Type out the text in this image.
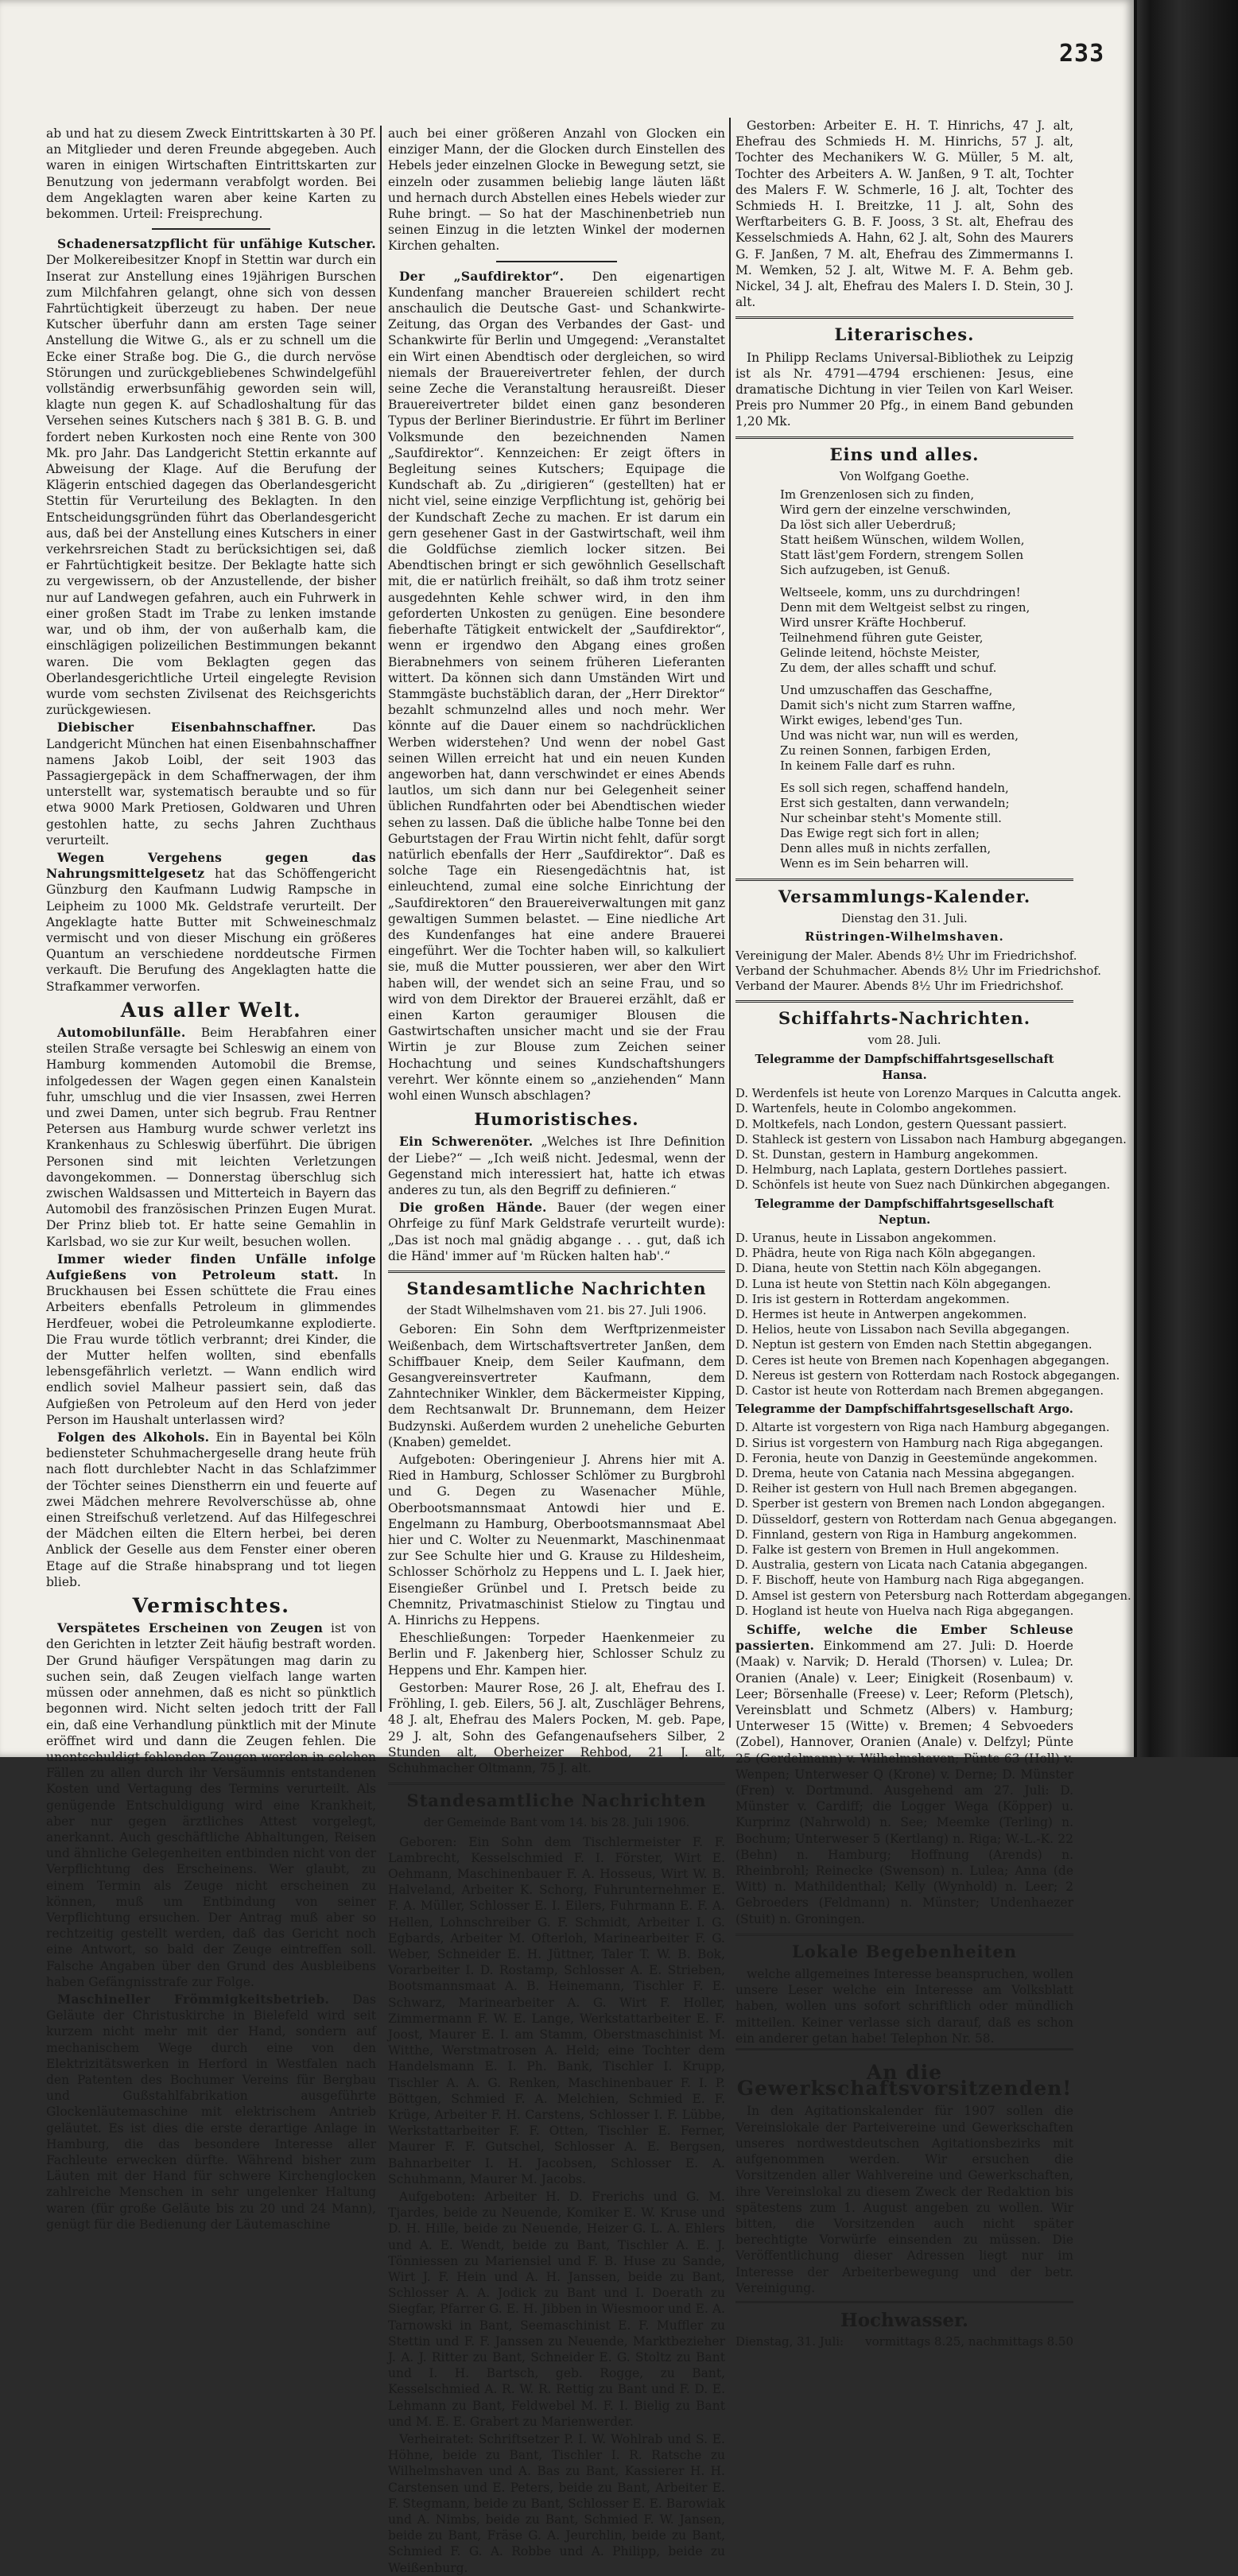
233

ab und hat zu diesem Zweck Eintrittskarten à 30 Pf. an Mitglieder und deren Freunde abgegeben. Auch waren in einigen Wirtschaften Eintrittskarten zur Benutzung von jedermann verabfolgt worden. Bei dem Angeklagten waren aber keine Karten zu bekommen. Urteil: Freisprechung.

Schadenersatzpflicht für unfähige Kutscher. Der Molkereibesitzer Knopf in Stettin war durch ein Inserat zur Anstellung eines 19jährigen Burschen zum Milchfahren gelangt, ohne sich von dessen Fahrtüchtigkeit überzeugt zu haben. Der neue Kutscher überfuhr dann am ersten Tage seiner Anstellung die Witwe G., als er zu schnell um die Ecke einer Straße bog. Die G., die durch nervöse Störungen und zurückgebliebenes Schwindelgefühl vollständig erwerbsunfähig geworden sein will, klagte nun gegen K. auf Schadloshaltung für das Versehen seines Kutschers nach § 381 B. G. B. und fordert neben Kurkosten noch eine Rente von 300 Mk. pro Jahr. Das Landgericht Stettin erkannte auf Abweisung der Klage. Auf die Berufung der Klägerin entschied dagegen das Oberlandesgericht Stettin für Verurteilung des Beklagten. In den Entscheidungsgründen führt das Oberlandesgericht aus, daß bei der Anstellung eines Kutschers in einer verkehrsreichen Stadt zu berücksichtigen sei, daß er Fahrtüchtigkeit besitze. Der Beklagte hatte sich zu vergewissern, ob der Anzustellende, der bisher nur auf Landwegen gefahren, auch ein Fuhrwerk in einer großen Stadt im Trabe zu lenken imstande war, und ob ihm, der von außerhalb kam, die einschlägigen polizeilichen Bestimmungen bekannt waren. Die vom Beklagten gegen das Oberlandesgerichtliche Urteil eingelegte Revision wurde vom sechsten Zivilsenat des Reichsgerichts zurückgewiesen.

Diebischer Eisenbahnschaffner.	Das Landgericht München hat einen Eisenbahnschaffner namens Jakob Loibl, der seit 1903 das Passagiergepäck in dem Schaffnerwagen, der ihm unterstellt war, systematisch beraubte und so für etwa 9000 Mark Pretiosen, Goldwaren und Uhren gestohlen hatte, zu sechs Jahren Zuchthaus verurteilt.

Wegen Vergehens gegen das Nahrungsmittelgesetz hat das Schöffengericht Günzburg den Kaufmann Ludwig Rampsche in Leipheim zu 1000 Mk. Geldstrafe verurteilt. Der Angeklagte hatte Butter mit Schweineschmalz vermischt und von dieser Mischung ein größeres Quantum an verschiedene norddeutsche Firmen verkauft. Die Berufung des Angeklagten hatte die Strafkammer verworfen.

Aus aller Welt.

Automobilunfälle. Beim Herabfahren einer steilen Straße versagte bei Schleswig an einem von Hamburg kommenden Automobil die Bremse, infolgedessen der Wagen gegen einen Kanalstein fuhr, umschlug und die vier Insassen, zwei Herren und zwei Damen, unter sich begrub. Frau Rentner Petersen aus Hamburg wurde schwer verletzt ins Krankenhaus zu Schleswig überführt. Die übrigen Personen sind mit leichten Verletzungen davongekommen. — Donnerstag überschlug sich zwischen Waldsassen und Mitterteich in Bayern das Automobil des französischen Prinzen Eugen Murat. Der Prinz blieb tot. Er hatte seine Gemahlin in Karlsbad, wo sie zur Kur weilt, besuchen wollen.

Immer wieder finden Unfälle infolge Aufgießens von Petroleum statt. In Bruckhausen bei Essen schüttete die Frau eines Arbeiters ebenfalls Petroleum in glimmendes Herdfeuer, wobei die Petroleumkanne explodierte. Die Frau wurde tötlich verbrannt; drei Kinder, die der Mutter helfen wollten, sind ebenfalls lebensgefährlich verletzt. — Wann endlich wird endlich soviel Malheur passiert sein, daß das Aufgießen von Petroleum auf den Herd von jeder Person im Haushalt unterlassen wird?

Folgen des Alkohols. Ein in Bayental bei Köln bediensteter Schuhmachergeselle drang heute früh nach flott durchlebter Nacht in das Schlafzimmer der Töchter seines Dienstherrn ein und feuerte auf zwei Mädchen mehrere Revolverschüsse ab, ohne einen Streifschuß verletzend. Auf das Hilfegeschrei der Mädchen eilten die Eltern herbei, bei deren Anblick der Geselle aus dem Fenster einer oberen Etage auf die Straße hinabsprang und tot liegen blieb.

Vermischtes.

Verspätetes Erscheinen von Zeugen ist von den Gerichten in letzter Zeit häufig bestraft worden. Der Grund häufiger Verspätungen mag darin zu suchen sein, daß Zeugen vielfach lange warten müssen oder annehmen, daß es nicht so pünktlich begonnen wird. Nicht selten jedoch tritt der Fall ein, daß eine Verhandlung pünktlich mit der Minute eröffnet wird und dann die Zeugen fehlen. Die unentschuldigt fehlenden Zeugen werden in solchen Fällen zu allen durch ihr Versäumnis entstandenen Kosten und Vertagung des Termins verurteilt. Als genügende Entschuldigung wird eine Krankheit, aber nur gegen ärztliches Attest vorgelegt, anerkannt. Auch geschäftliche Abhaltungen, Reisen und ähnliche Gelegenheiten entbinden nicht von der Verpflichtung des Erscheinens. Wer glaubt, zu einem Termin als Zeuge nicht erscheinen zu können, muß um Entbindung von seiner Verpflichtung ersuchen. Der Antrag muß aber so rechtzeitig gestellt werden, daß das Gericht noch eine Antwort, so bald der Zeuge eintreffen soll. Falsche Angaben über den Grund des Ausbleibens haben Gefängnisstrafe zur Folge.

Maschineller Frömmigkeitsbetrieb. Das Geläute der Christuskirche in Bielefeld wird seit kurzem nicht mehr mit der Hand, sondern auf mechanischem Wege durch eine von den Elektrizitätswerken in Herford in Westfalen nach den Patenten des Bochumer Vereins für Bergbau und Gußstahlfabrikation ausgeführte Glockenläutemaschine mit elektrischem Antrieb geläutet. Es ist dies die erste derartige Anlage in Hamburg, die das besondere Interesse aller Fachleute erwecken dürfte. Während bisher zum Läuten mit der Hand für schwere Kirchenglocken zahlreiche Menschen in sehr ungelenker Haltung waren (für große Geläute bis zu 20 und 24 Mann), genügt für die Bedienung der Läutemaschine

auch bei einer größeren Anzahl von Glocken ein einziger Mann, der die Glocken durch Einstellen des Hebels jeder einzelnen Glocke in Bewegung setzt, sie einzeln oder zusammen beliebig lange läuten läßt und hernach durch Abstellen eines Hebels wieder zur Ruhe bringt. — So hat der Maschinenbetrieb nun seinen Einzug in die letzten Winkel der modernen Kirchen gehalten.

Der „Saufdirektor“. Den eigenartigen Kundenfang mancher Brauereien schildert recht anschaulich die Deutsche Gast- und Schankwirte-Zeitung, das Organ des Verbandes der Gast- und Schankwirte für Berlin und Umgegend: „Veranstaltet ein Wirt einen Abendtisch oder dergleichen, so wird niemals der Brauereivertreter fehlen, der durch seine Zeche die Veranstaltung herausreißt. Dieser Brauereivertreter bildet einen ganz besonderen Typus der Berliner Bierindustrie. Er führt im Berliner Volksmunde den bezeichnenden Namen „Saufdirektor“. Kennzeichen: Er zeigt öfters in Begleitung seines Kutschers; Equipage die Kundschaft ab. Zu „dirigieren“ (gestellten) hat er nicht viel, seine einzige Verpflichtung ist, gehörig bei der Kundschaft Zeche zu machen. Er ist darum ein gern gesehener Gast in der Gastwirtschaft, weil ihm die Goldfüchse ziemlich locker sitzen. Bei Abendtischen bringt er sich gewöhnlich Gesellschaft mit, die er natürlich freihält, so daß ihm trotz seiner ausgedehnten Kehle schwer wird, in den ihm geforderten Unkosten zu genügen. Eine besondere fieberhafte Tätigkeit entwickelt der „Saufdirektor“, wenn er irgendwo den Abgang eines großen Bierabnehmers von seinem früheren Lieferanten wittert. Da können sich dann Umständen Wirt und Stammgäste buchstäblich daran, der „Herr Direktor“ bezahlt schmunzelnd alles und noch mehr. Wer könnte auf die Dauer einem so nachdrücklichen Werben widerstehen? Und wenn der nobel Gast seinen Willen erreicht hat und ein neuen Kunden angeworben hat, dann verschwindet er eines Abends lautlos, um sich dann nur bei Gelegenheit seiner üblichen Rundfahrten oder bei Abendtischen wieder sehen zu lassen. Daß die übliche halbe Tonne bei den Geburtstagen der Frau Wirtin nicht fehlt, dafür sorgt natürlich ebenfalls der Herr „Saufdirektor“. Daß es solche Tage ein Riesengedächtnis hat, ist einleuchtend, zumal eine solche Einrichtung der „Saufdirektoren“ den Brauereiverwaltungen mit ganz gewaltigen Summen belastet. — Eine niedliche Art des Kundenfanges hat eine andere Brauerei eingeführt. Wer die Tochter haben will, so kalkuliert sie, muß die Mutter poussieren, wer aber den Wirt haben will, der wendet sich an seine Frau, und so wird von dem Direktor der Brauerei erzählt, daß er einen Karton geraumiger Blousen die Gastwirtschaften unsicher macht und sie der Frau Wirtin je zur Blouse zum Zeichen seiner Hochachtung und seines Kundschaftshungers verehrt. Wer könnte einem so „anziehenden“ Mann wohl einen Wunsch abschlagen?

Humoristisches.

Ein Schwerenöter. „Welches ist Ihre Definition der Liebe?“ — „Ich weiß nicht. Jedesmal, wenn der Gegenstand mich interessiert hat, hatte ich etwas anderes zu tun, als den Begriff zu definieren.“

Die großen Hände. Bauer (der wegen einer Ohrfeige zu fünf Mark Geldstrafe verurteilt wurde): „Das ist noch mal gnädig abgange . . . gut, daß ich die Händ' immer auf 'm Rücken halten hab'.“

Standesamtliche Nachrichten
der Stadt Wilhelmshaven vom 21. bis 27. Juli 1906.

Geboren: Ein Sohn dem Werftprizenmeister Weißenbach, dem Wirtschaftsvertreter Janßen, dem Schiffbauer Kneip, dem Seiler Kaufmann, dem Gesangvereinsvertreter Kaufmann, dem Zahntechniker Winkler, dem Bäckermeister Kipping, dem Rechtsanwalt Dr. Brunnemann, dem Heizer Budzynski. Außerdem wurden 2 uneheliche Geburten (Knaben) gemeldet.

Aufgeboten: Oberingenieur J. Ahrens hier mit A. Ried in Hamburg, Schlosser Schlömer zu Burgbrohl und G. Degen zu Wasenacher Mühle, Oberbootsmannsmaat Antowdi hier und E. Engelmann zu Hamburg, Oberbootsmannsmaat Abel hier und C. Wolter zu Neuenmarkt, Maschinenmaat zur See Schulte hier und G. Krause zu Hildesheim, Schlosser Schörholz zu Heppens und L. I. Jaek hier, Eisengießer Grünbel und I. Pretsch beide zu Chemnitz, Privatmaschinist Stielow zu Tingtau und A. Hinrichs zu Heppens.

Eheschließungen: Torpeder Haenkenmeier zu Berlin und F. Jakenberg hier, Schlosser Schulz zu Heppens und Ehr. Kampen hier.

Gestorben: Maurer Rose, 26 J. alt, Ehefrau des I. Fröhling, I. geb. Eilers, 56 J. alt, Zuschläger Behrens, 48 J. alt, Ehefrau des Malers Pocken, M. geb. Pape, 29 J. alt, Sohn des Gefangenaufsehers Silber, 2 Stunden alt, Oberheizer Rehbod, 21 J. alt, Schuhmacher Oltmann, 75 J. alt.

Standesamtliche Nachrichten
der Gemeinde Bant vom 14. bis 28. Juli 1906.

Geboren: Ein Sohn dem Tischlermeister F. F. Lambrecht, Kesselschmied F. I. Förster, Wirt E. Oehmann, Maschinenbauer F. A. Hosseus, Wirt W. B. Halveland, Arbeiter K. Schorg, Fuhrunternehmer E. F. A. Müller, Schlosser E. I. Eilers, Fuhrmann E. F. A. Hellen, Lohnschreiber G. F. Schmidt, Arbeiter I. G. Egbards, Arbeiter M. Ofterloh, Marinearbeiter F. G. Weber, Schneider E. H. Jüttner, Taler T. W. B. Bok, Vorarbeiter I. D. Rostamp, Schlosser A. E. Strieben, Bootsmannsmaat A. B. Heinemann, Tischler F. E. Schwarz, Marinearbeiter A. G. Wirt F. Holler, Zimmermann F. W. E. Lange, Werkstattarbeiter E. F. Joost, Maurer E. I. am Stamm, Oberstmaschinist M. Witthe, Werstmatrosen A. Held; eine Tochter dem Handelsmann E. I. Ph. Bank, Tischler I. Krupp, Tischler A. A. G. Renken, Maschinenbauer F. I. P. Böttgen, Schmied F. A. Melchien, Schmied E. F. Krüge, Arbeiter F. H. Carstens, Schlosser I. F. Lübbe, Werkstattarbeiter F. F. Otten, Tischler E. Ferner, Maurer F. F. Gutschel, Schlosser A. E. Bergsen, Bahnarbeiter I. H. Jacobsen, Schlosser E. A. Schuhmann, Maurer M. Jacobs.

Aufgeboten: Arbeiter H. D. Frerichs und G. M. Tjardes, beide zu Neuende, Komiker E. W. Kruse und D. H. Hille, beide zu Neuende, Heizer G. L. A. Ehlers und A. E. Wendt, beide zu Bant, Tischler A. E. J. Tönniessen zu Mariensiel und F. B. Huse zu Sande, Wirt J. F. Hein und A. H. Janssen, beide zu Bant, Schlosser A. A. Jodick zu Bant und I. Doerath zu Siegfar, Pfarrer G. E. H. Jibben in Wiesmoor und E. A. Tarnowski in Bant, Seemaschinist E. F. Muffler zu Stettin und F. F. Janssen zu Neuende, Marktbezieher J. A. J. Ritter zu Bant, Schneider E. G. Stoltz zu Bant und I. H. Bartsch, geb. Rogge, zu Bant, Kesselschmied A. R. W. R. Rettig zu Bant und F. D. E. Lehmann zu Bant, Feldwebel M. F. I. Bielig zu Bant und M. E. E. Grabert zu Marienwerder.

Verheiratet: Schriftsetzer P. I. W. Wohlrab und S. E. Höhne, beide zu Bant, Tischler I. R. Ratsche zu Wilhelmshaven und A. Bas zu Bant, Kassierer H. H. Carstensen und E. Peters, beide zu Bant, Arbeiter E. F. Stegmann, beide zu Bant, Schlosser E. E. Barowiak und A. Nimbs, beide zu Bant, Schmied F. W. Jansen, beide zu Bant, Fräse G. A. Jeurchlin, beide zu Bant, Schmied F. G. A. Robbe und A. Philipp, beide zu Weißenburg.

Gestorben: Arbeiter E. H. T. Hinrichs, 47 J. alt, Ehefrau des Schmieds H. M. Hinrichs, 57 J. alt, Tochter des Mechanikers W. G. Müller, 5 M. alt, Tochter des Arbeiters A. W. Janßen, 9 T. alt, Tochter des Malers F. W. Schmerle, 16 J. alt, Tochter des Schmieds H. I. Breitzke, 11 J. alt, Sohn des Werftarbeiters G. B. F. Jooss, 3 St. alt, Ehefrau des Kesselschmieds A. Hahn, 62 J. alt, Sohn des Maurers G. F. Janßen, 7 M. alt, Ehefrau des Zimmermanns I. M. Wemken, 52 J. alt, Witwe M. F. A. Behm geb. Nickel, 34 J. alt, Ehefrau des Malers I. D. Stein, 30 J. alt.

Literarisches.

In Philipp Reclams Universal-Bibliothek zu Leipzig ist als Nr. 4791—4794 erschienen: Jesus, eine dramatische Dichtung in vier Teilen von Karl Weiser. Preis pro Nummer 20 Pfg., in einem Band gebunden 1,20 Mk.

Eins und alles.
Von Wolfgang Goethe.
Im Grenzenlosen sich zu finden,
Wird gern der einzelne verschwinden,
Da löst sich aller Ueberdruß;
Statt heißem Wünschen, wildem Wollen,
Statt läst'gem Fordern, strengem Sollen
Sich aufzugeben, ist Genuß.
Weltseele, komm, uns zu durchdringen!
Denn mit dem Weltgeist selbst zu ringen,
Wird unsrer Kräfte Hochberuf.
Teilnehmend führen gute Geister,
Gelinde leitend, höchste Meister,
Zu dem, der alles schafft und schuf.
Und umzuschaffen das Geschaffne,
Damit sich's nicht zum Starren waffne,
Wirkt ewiges, lebend'ges Tun.
Und was nicht war, nun will es werden,
Zu reinen Sonnen, farbigen Erden,
In keinem Falle darf es ruhn.
Es soll sich regen, schaffend handeln,
Erst sich gestalten, dann verwandeln;
Nur scheinbar steht's Momente still.
Das Ewige regt sich fort in allen;
Denn alles muß in nichts zerfallen,
Wenn es im Sein beharren will.
Versammlungs-Kalender.
Dienstag den 31. Juli.
Rüstringen-Wilhelmshaven.
Vereinigung der Maler. Abends 8½ Uhr im Friedrichshof.
Verband der Schuhmacher. Abends 8½ Uhr im Friedrichshof.
Verband der Maurer. Abends 8½ Uhr im Friedrichshof.
Schiffahrts-Nachrichten.
vom 28. Juli.
Telegramme der Dampfschiffahrtsgesellschaft Hansa.
D. Werdenfels ist heute von Lorenzo Marques in Calcutta angek.
D. Wartenfels, heute in Colombo angekommen.
D. Moltkefels, nach London, gestern Quessant passiert.
D. Stahleck ist gestern von Lissabon nach Hamburg abgegangen.
D. St. Dunstan, gestern in Hamburg angekommen.
D. Helmburg, nach Laplata, gestern Dortlehes passiert.
D. Schönfels ist heute von Suez nach Dünkirchen abgegangen.
Telegramme der Dampfschiffahrtsgesellschaft Neptun.
D. Uranus, heute in Lissabon angekommen.
D. Phädra, heute von Riga nach Köln abgegangen.
D. Diana, heute von Stettin nach Köln abgegangen.
D. Luna ist heute von Stettin nach Köln abgegangen.
D. Iris ist gestern in Rotterdam angekommen.
D. Hermes ist heute in Antwerpen angekommen.
D. Helios, heute von Lissabon nach Sevilla abgegangen.
D. Neptun ist gestern von Emden nach Stettin abgegangen.
D. Ceres ist heute von Bremen nach Kopenhagen abgegangen.
D. Nereus ist gestern von Rotterdam nach Rostock abgegangen.
D. Castor ist heute von Rotterdam nach Bremen abgegangen.
Telegramme der Dampfschiffahrtsgesellschaft Argo.
D. Altarte ist vorgestern von Riga nach Hamburg abgegangen.
D. Sirius ist vorgestern von Hamburg nach Riga abgegangen.
D. Feronia, heute von Danzig in Geestemünde angekommen.
D. Drema, heute von Catania nach Messina abgegangen.
D. Reiher ist gestern von Hull nach Bremen abgegangen.
D. Sperber ist gestern von Bremen nach London abgegangen.
D. Düsseldorf, gestern von Rotterdam nach Genua abgegangen.
D. Finnland, gestern von Riga in Hamburg angekommen.
D. Falke ist gestern von Bremen in Hull angekommen.
D. Australia, gestern von Licata nach Catania abgegangen.
D. F. Bischoff, heute von Hamburg nach Riga abgegangen.
D. Amsel ist gestern von Petersburg nach Rotterdam abgegangen.
D. Hogland ist heute von Huelva nach Riga abgegangen.

Schiffe, welche die Ember Schleuse passierten. Einkommend am 27. Juli: D. Hoerde (Maak) v. Narvik; D. Herald (Thorsen) v. Lulea; Dr. Oranien (Anale) v. Leer; Einigkeit (Rosenbaum) v. Leer; Börsenhalle (Freese) v. Leer; Reform (Pletsch), Vereinsblatt und Schmetz (Albers) v. Hamburg; Unterweser 15 (Witte) v. Bremen; 4 Sebvoeders (Zobel), Hannover, Oranien (Anale) v. Delfzyl; Pünte 25 (Gerdelmann) v. Wilhelmshaven; Pünte 63 (Holl) v. Wenpen; Unterweser Q (Krone) v. Derne; D. Münster (Fren) v. Dortmund. Ausgehend am 27. Juli: D. Münster v. Cardiff; die Logger Wega (Köpper) u. Kurprinz (Nahrwold) n. See; Meemke (Terling) n. Bochum; Unterweser 5 (Kertlang) n. Riga; W.-L.-K. 22 (Behn) n. Hamburg; Hoffnung (Arends) n. Rheinbrohl; Reinecke (Swenson) n. Lulea; Anna (de Witt) n. Mathildenthal; Kelly (Wynhold) n. Leer; 2 Gebroeders (Feldmann) n. Münster; Undenhaezer (Stuit) n. Groningen.

Lokale Begebenheiten

welche allgemeines Interesse beanspruchen, wollen unsere Leser welche ein Interesse am Volksblatt haben, wollen uns sofort schriftlich oder mündlich mitteilen. Keiner verlasse sich darauf, daß es schon ein anderer getan habe! Telephon Nr. 58.

An die Gewerkschaftsvorsitzenden!

In den Agitationskalender für 1907 sollen die Vereinslokale der Parteivereine und Gewerkschaften unseres nordwestdeutschen Agitationsbezirks mit aufgenommen werden. Wir ersuchen die Vorsitzenden aller Wahlvereine und Gewerkschaften, ihre Vereinslokal zu diesem Zweck der Redaktion bis spätestens zum 1. August angeben zu wollen. Wir bitten, die Vorsitzenden auch nicht später berechtigte Vorwürfe einsenden zu müssen. Die Veröffentlichung dieser Adressen liegt nur im Interesse der Arbeiterbewegung und der betr. Vereinigung.

Hochwasser.
Dienstag, 31. Juli: vormittags 8.25, nachmittags 8.50
